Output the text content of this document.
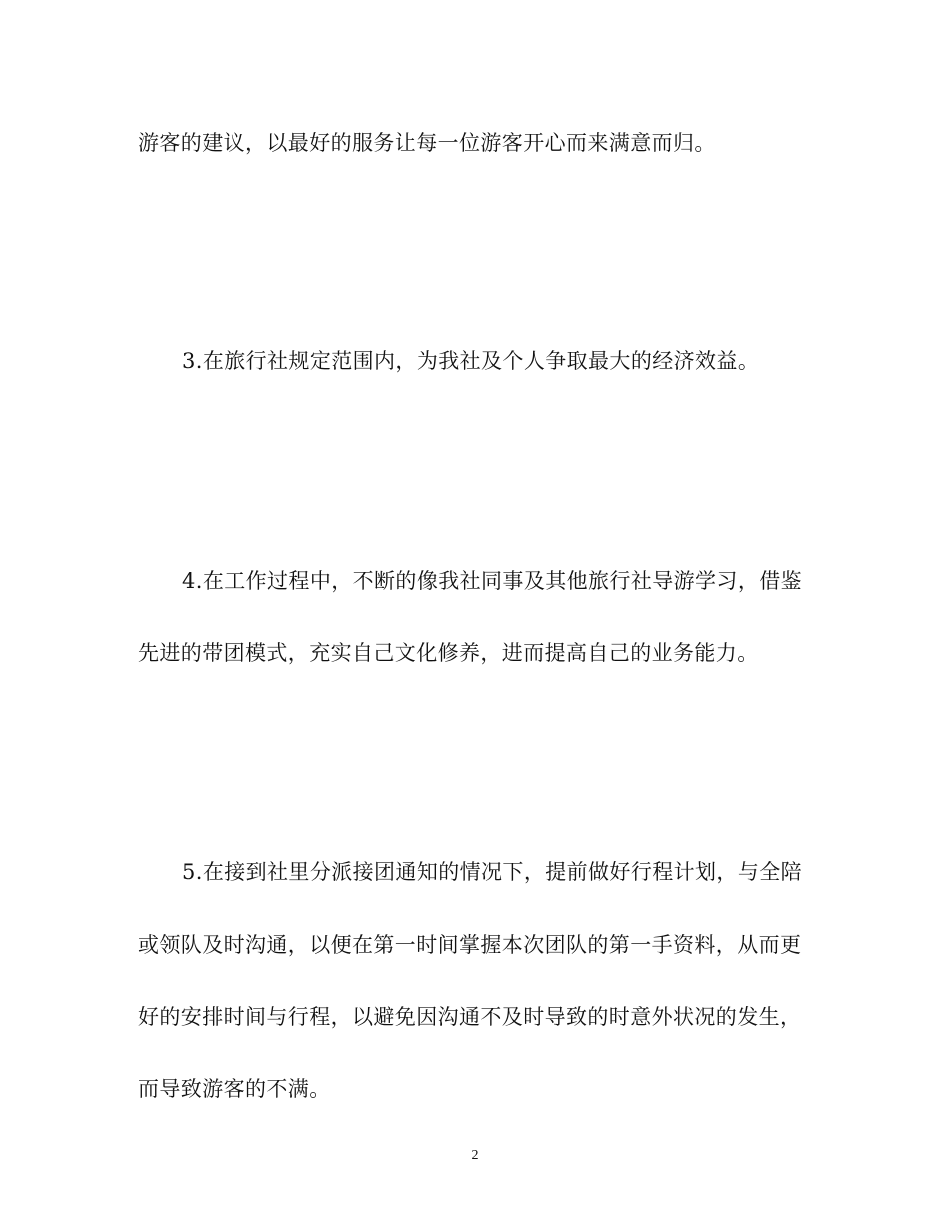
游客的建议，以最好的服务让每一位游客开心而来满意而归。
3.在旅行社规定范围内，为我社及个人争取最大的经济效益。
4.在工作过程中，不断的像我社同事及其他旅行社导游学习，借鉴
先进的带团模式，充实自己文化修养，进而提高自己的业务能力。
5.在接到社里分派接团通知的情况下，提前做好行程计划，与全陪
或领队及时沟通，以便在第一时间掌握本次团队的第一手资料，从而更
好的安排时间与行程，以避免因沟通不及时导致的时意外状况的发生，
而导致游客的不满。
2
